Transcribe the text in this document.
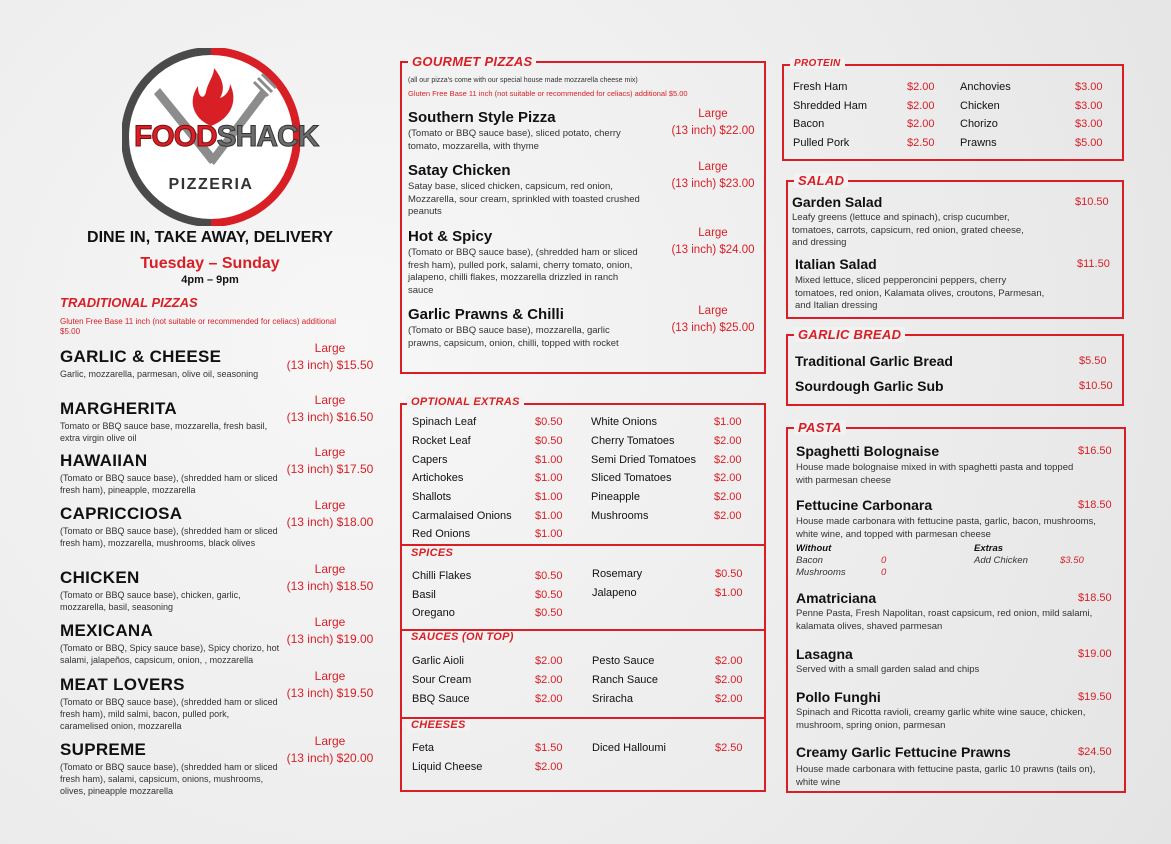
FOODSHACK
PIZZERIA
DINE IN, TAKE AWAY, DELIVERY
Tuesday – Sunday
4pm – 9pm
TRADITIONAL PIZZAS
Gluten Free Base 11 inch (not suitable or recommended for celiacs) additional $5.00
GARLIC & CHEESE
Garlic, mozzarella, parmesan, olive oil, seasoning
Large
(13 inch) $15.50
MARGHERITA
Tomato or BBQ sauce base, mozzarella, fresh basil, extra virgin olive oil
Large
(13 inch) $16.50
HAWAIIAN
(Tomato or BBQ sauce base), (shredded ham or sliced fresh ham), pineapple, mozzarella
Large
(13 inch) $17.50
CAPRICCIOSA
(Tomato or BBQ sauce base), (shredded ham or sliced fresh ham), mozzarella, mushrooms, black olives
Large
(13 inch) $18.00
CHICKEN
(Tomato or BBQ sauce base), chicken, garlic, mozzarella, basil, seasoning
Large
(13 inch) $18.50
MEXICANA
(Tomato or BBQ, Spicy sauce base), Spicy chorizo, hot salami, jalapeños, capsicum, onion, , mozzarella
Large
(13 inch) $19.00
MEAT LOVERS
(Tomato or BBQ sauce base), (shredded ham or sliced fresh ham), mild salmi, bacon, pulled pork, caramelised onion, mozzarella
Large
(13 inch) $19.50
SUPREME
(Tomato or BBQ sauce base), (shredded ham or sliced fresh ham), salami, capsicum, onions, mushrooms, olives, pineapple mozzarella
Large
(13 inch) $20.00
GOURMET PIZZAS
(all our pizza's come with our special house made mozzarella cheese mix)
Gluten Free Base 11 inch (not suitable or recommended for celiacs) additional $5.00
Southern Style Pizza
(Tomato or BBQ sauce base), sliced potato, cherry tomato, mozzarella, with thyme
Large
(13 inch) $22.00
Satay Chicken
Satay base, sliced chicken, capsicum, red onion, Mozzarella, sour cream, sprinkled with toasted crushed peanuts
Large
(13 inch) $23.00
Hot & Spicy
(Tomato or BBQ sauce base), (shredded ham or sliced fresh ham), pulled pork, salami, cherry tomato, onion, jalapeno, chilli flakes, mozzarella drizzled in ranch sauce
Large
(13 inch) $24.00
Garlic Prawns & Chilli
(Tomato or BBQ sauce base), mozzarella, garlic prawns, capsicum, onion, chilli, topped with rocket
Large
(13 inch) $25.00
OPTIONAL EXTRAS
SPICES
SAUCES (ON TOP)
CHEESES
Spinach Leaf	$0.50
Rocket Leaf	$0.50
Capers	$1.00
Artichokes	$1.00
Shallots	$1.00
Carmalaised Onions $1.00
Red Onions	$1.00
White Onions	$1.00
Cherry Tomatoes	$2.00
Semi Dried Tomatoes $2.00
Sliced Tomatoes	$2.00
Pineapple	$2.00
Mushrooms	$2.00
Chilli Flakes	$0.50
Basil	$0.50
Oregano	$0.50
Rosemary	$0.50
Jalapeno	$1.00
Garlic Aioli	$2.00
Sour Cream	$2.00
BBQ Sauce	$2.00
Pesto Sauce	$2.00
Ranch Sauce	$2.00
Sriracha	$2.00
Feta	$1.50
Liquid Cheese	$2.00
Diced Halloumi	$2.50
PROTEIN
Fresh Ham	$2.00
Shredded Ham	$2.00
Bacon	$2.00
Pulled Pork	$2.50
Anchovies	$3.00
Chicken	$3.00
Chorizo	$3.00
Prawns	$5.00
SALAD
Garden Salad	$10.50
Leafy greens (lettuce and spinach), crisp cucumber, tomatoes, carrots, capsicum, red onion, grated cheese, and dressing
Italian Salad	$11.50
Mixed lettuce, sliced pepperoncini peppers, cherry tomatoes, red onion, Kalamata olives, croutons, Parmesan, and Italian dressing
GARLIC BREAD
Traditional Garlic Bread	$5.50
Sourdough Garlic Sub	$10.50
PASTA
Spaghetti Bolognaise	$16.50
House made bolognaise mixed in with spaghetti pasta and topped with parmesan cheese
Fettucine Carbonara	$18.50
House made carbonara with fettucine pasta, garlic, bacon, mushrooms, white wine, and topped with parmesan cheese
Without
Bacon	0
Mushrooms	0
Extras
Add Chicken	$3.50
Amatriciana	$18.50
Penne Pasta, Fresh Napolitan, roast capsicum, red onion, mild salami, kalamata olives, shaved parmesan
Lasagna	$19.00
Served with a small garden salad and chips
Pollo Funghi	$19.50
Spinach and Ricotta ravioli, creamy garlic white wine sauce, chicken, mushroom, spring onion, parmesan
Creamy Garlic Fettucine Prawns	$24.50
House made carbonara with fettucine pasta, garlic 10 prawns (tails on), white wine
